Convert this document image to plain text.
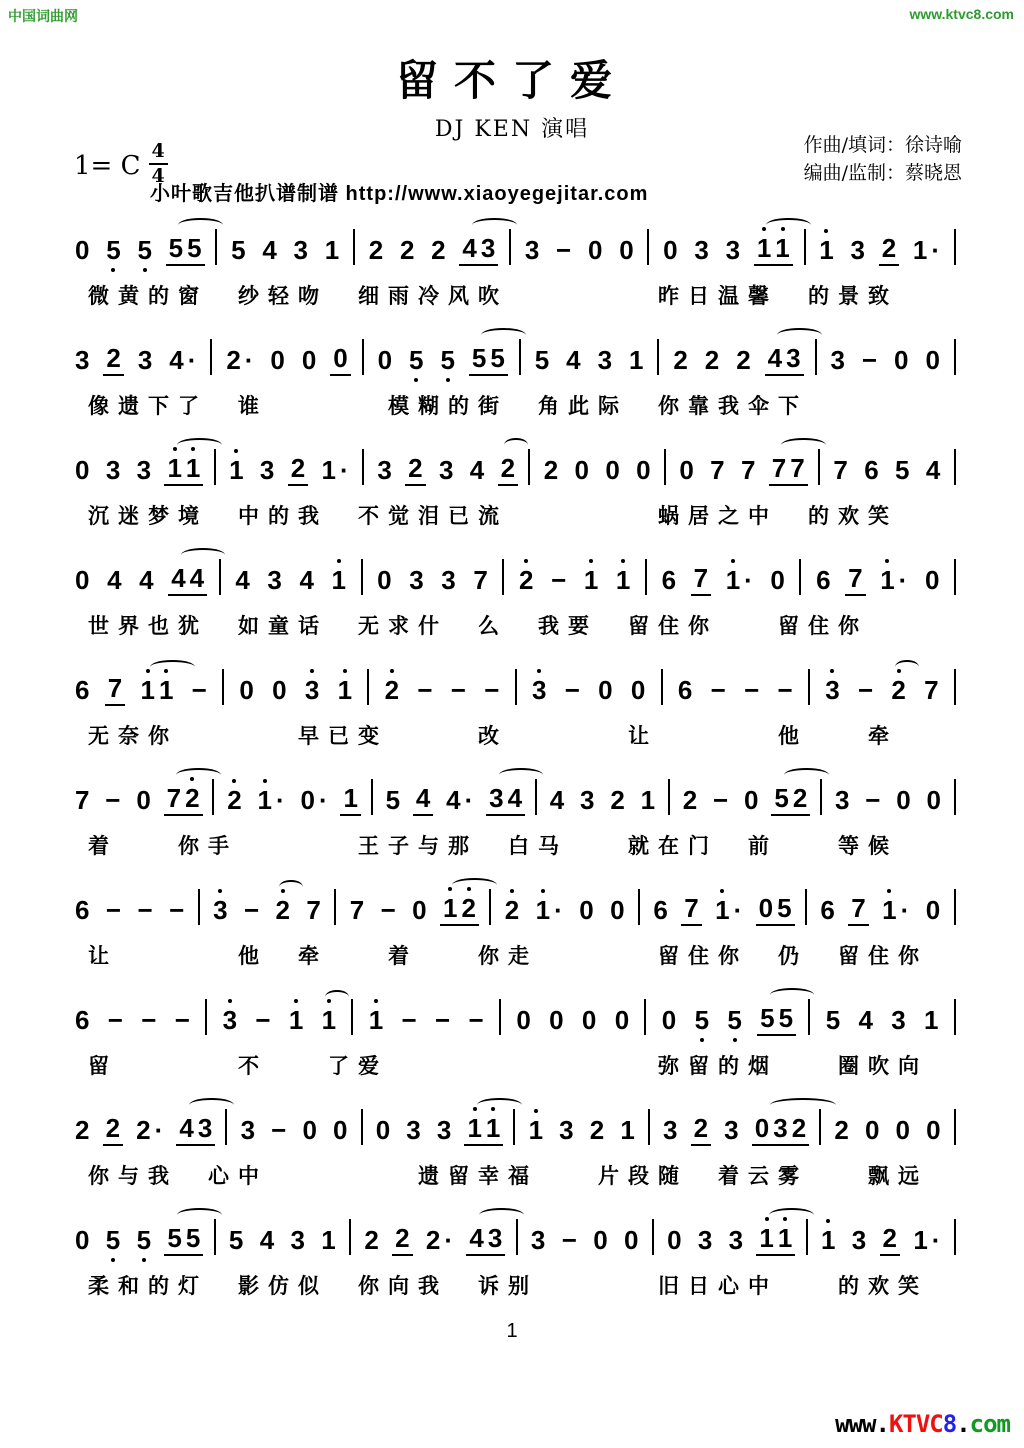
中国词曲网	www.ktvc8.com
留不了爱
DJ KEN 演唱
作曲/填词：徐诗喻
编曲/监制：蔡晓恩
1= C $\frac{4}{4}$
小叶歌吉他扒谱制谱 http://www.xiaoyegejitar.com
0 5 5 5 5 5 4 3 1 2 2 2 4 3 3 − 0 0 0 3 3 1 1 1 3 2 1 ·
微黄的窗　纱轻吻　细雨冷风吹　　　　　昨日温馨　的景致
3 2 3 4 · 2 · 0 0 0 0 5 5 5 5 5 4 3 1 2 2 2 4 3 3 − 0 0
像遗下了　谁　　　　模糊的街　角此际　你靠我伞下
0 3 3 1 1 1 3 2 1 · 3 2 3 4 2 2 0 0 0 0 7 7 7 7 7 6 5 4
沉迷梦境　中的我　不觉泪已流　　　　　蜗居之中　的欢笑
0 4 4 4 4 4 3 4 1 0 3 3 7 2 − 1 1 6 7 1 · 0 6 7 1 · 0
世界也犹　如童话　无求什　么　我要　留住你　　留住你
6 7 1 1 − 0 0 3 1 2 − − − 3 − 0 0 6 − − − 3 − 2 7
无奈你　　　　早已变　　　改　　　　让　　　　他　　牵
7 − 0 7 2 2 1 · 0 · 1 5 4 4 · 3 4 4 3 2 1 2 − 0 5 2 3 − 0 0
着　　你手　　　　王子与那　白马　　就在门　前　　等候
6 − − − 3 − 2 7 7 − 0 1 2 2 1 · 0 0 6 7 1 · 0 5 6 7 1 · 0
让　　　　他　牵　　着　　你走　　　　留住你　仍　留住你
6 − − − 3 − 1 1 1 − − − 0 0 0 0 0 5 5 5 5 5 4 3 1
留　　　　不　　了爱　　　　　　　　　弥留的烟　　圈吹向
2 2 2 · 4 3 3 − 0 0 0 3 3 1 1 1 3 2 1 3 2 3 0 3 2 2 0 0 0
你与我　心中　　　　　遗留幸福　　片段随　着云雾　　飘远
0 5 5 5 5 5 4 3 1 2 2 2 · 4 3 3 − 0 0 0 3 3 1 1 1 3 2 1 ·
柔和的灯　影仿似　你向我　诉别　　　　旧日心中　　的欢笑
1
www.KTVC8.com
